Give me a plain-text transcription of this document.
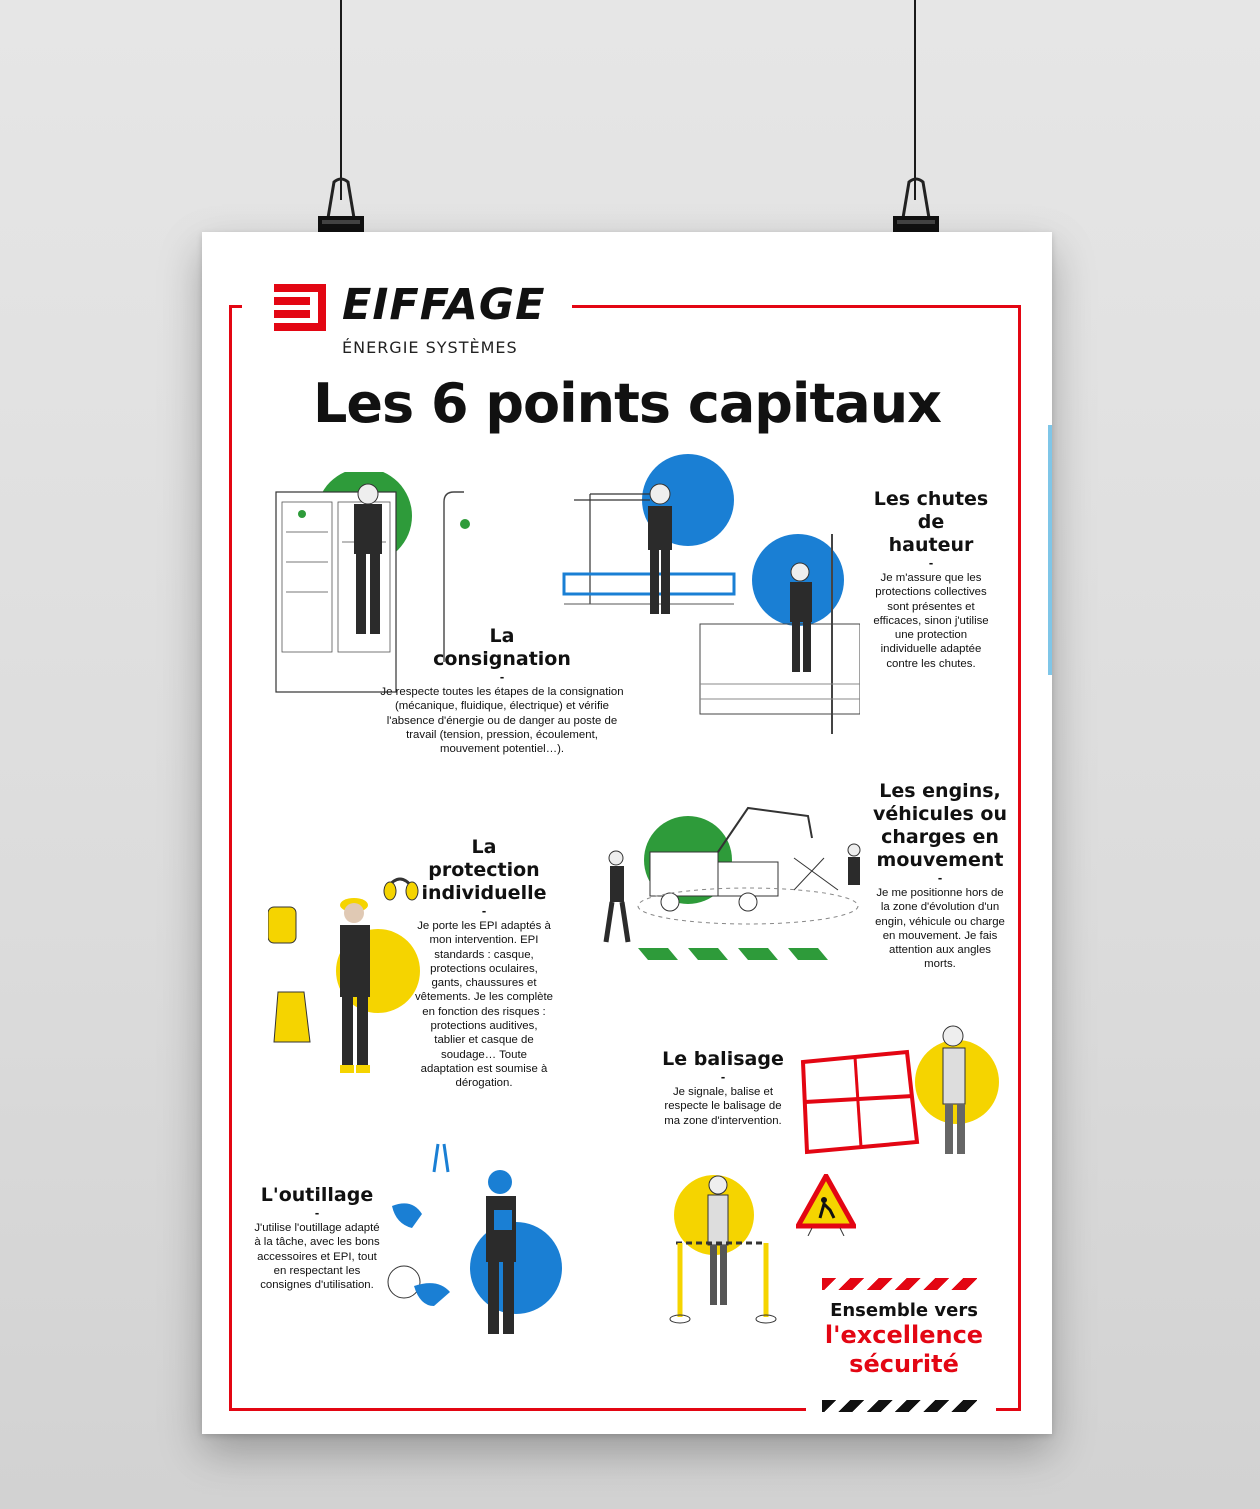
EIFFAGE
ÉNERGIE SYSTÈMES
Les 6 points capitaux
La
consignation
-

Je respecte toutes les étapes de la consignation (mécanique, fluidique, électrique) et vérifie l'absence d'énergie ou de danger au poste de travail (tension, pression, écoulement, mouvement potentiel…).

Les chutes
de
hauteur
-

Je m'assure que les protections collectives sont présentes et efficaces, sinon j'utilise une protection individuelle adaptée contre les chutes.

La protection
individuelle
-

Je porte les EPI adaptés à mon intervention. EPI standards : casque, protections oculaires, gants, chaussures et vêtements. Je les complète en fonction des risques : protections auditives, tablier et casque de soudage… Toute adaptation est soumise à dérogation.

Les engins,
véhicules ou
charges en
mouvement
-

Je me positionne hors de la zone d'évolution d'un engin, véhicule ou charge en mouvement. Je fais attention aux angles morts.

Le balisage
-

Je signale, balise et respecte le balisage de ma zone d'intervention.

L'outillage
-

J'utilise l'outillage adapté à la tâche, avec les bons accessoires et EPI, tout en respectant les consignes d'utilisation.

Ensemble vers
l'excellence
sécurité
